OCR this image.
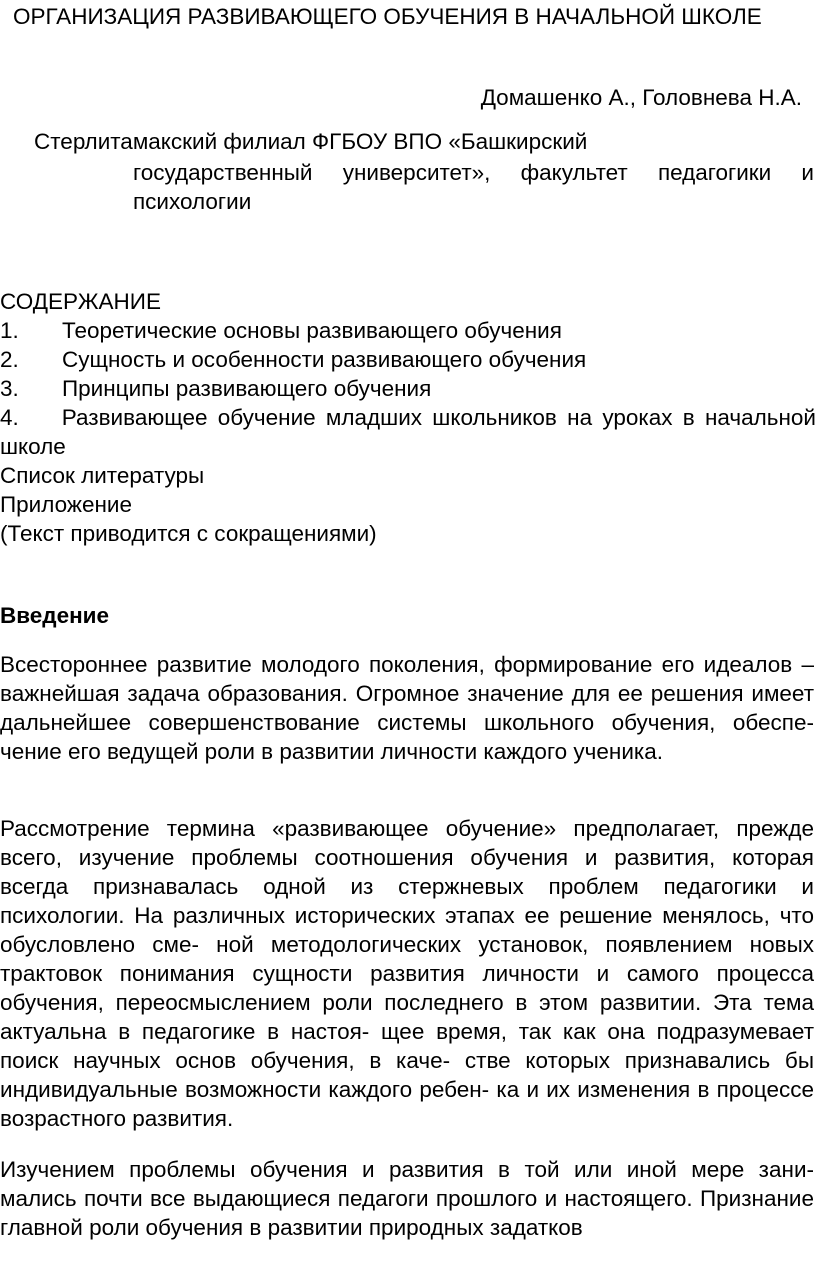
ОРГАНИЗАЦИЯ РАЗВИВАЮЩЕГО ОБУЧЕНИЯ В НАЧАЛЬНОЙ ШКОЛЕ
Домашенко А., Головнева Н.А.
Стерлитамакский филиал ФГБОУ ВПО «Башкирский
государственный университет», факультет педагогики и психологии
СОДЕРЖАНИЕ
1.	Теоретические основы развивающего обучения
2.	Сущность и особенности развивающего обучения
3.	Принципы развивающего обучения
4. Развивающее обучение младших школьников на уроках в начальной школе
Список литературы
Приложение
(Текст приводится с сокращениями)
Введение

Всестороннее развитие молодого поколения, формирование его идеалов – важнейшая задача образования. Огромное значение для ее решения имеет дальнейшее совершенствование системы школьного обучения, обеспе- чение его ведущей роли в развитии личности каждого ученика.

Рассмотрение термина «развивающее обучение» предполагает, прежде всего, изучение проблемы соотношения обучения и развития, которая всегда признавалась одной из стержневых проблем педагогики и психологии. На различных исторических этапах ее решение менялось, что обусловлено сме- ной методологических установок, появлением новых трактовок понимания сущности развития личности и самого процесса обучения, переосмыслением роли последнего в этом развитии. Эта тема актуальна в педагогике в настоя- щее время, так как она подразумевает поиск научных основ обучения, в каче- стве которых признавались бы индивидуальные возможности каждого ребен- ка и их изменения в процессе возрастного развития.

Изучением проблемы обучения и развития в той или иной мере зани- мались почти все выдающиеся педагоги прошлого и настоящего. Признание главной роли обучения в развитии природных задатков
